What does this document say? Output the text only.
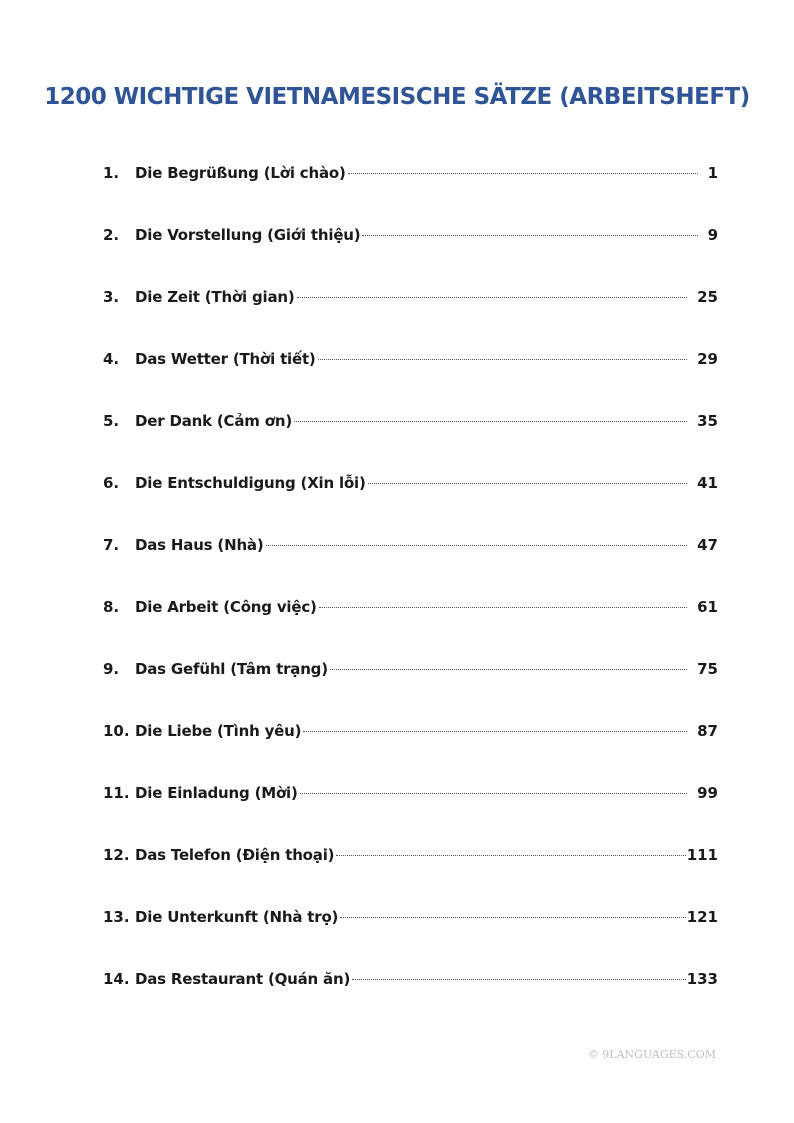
1200 WICHTIGE VIETNAMESISCHE SÄTZE (ARBEITSHEFT)
1.	Die Begrüßung (Lời chào)	1
2.	Die Vorstellung (Giới thiệu)	9
3.	Die Zeit (Thời gian)	25
4.	Das Wetter (Thời tiết)	29
5.	Der Dank (Cảm ơn)	35
6.	Die Entschuldigung (Xin lỗi)	41
7.	Das Haus (Nhà)	47
8.	Die Arbeit (Công việc)	61
9.	Das Gefühl (Tâm trạng)	75
10. Die Liebe (Tình yêu)	87
11. Die Einladung (Mời)	99
12. Das Telefon (Điện thoại)	111
13. Die Unterkunft (Nhà trọ)	121
14. Das Restaurant (Quán ăn)	133
© 9LANGUAGES.COM
